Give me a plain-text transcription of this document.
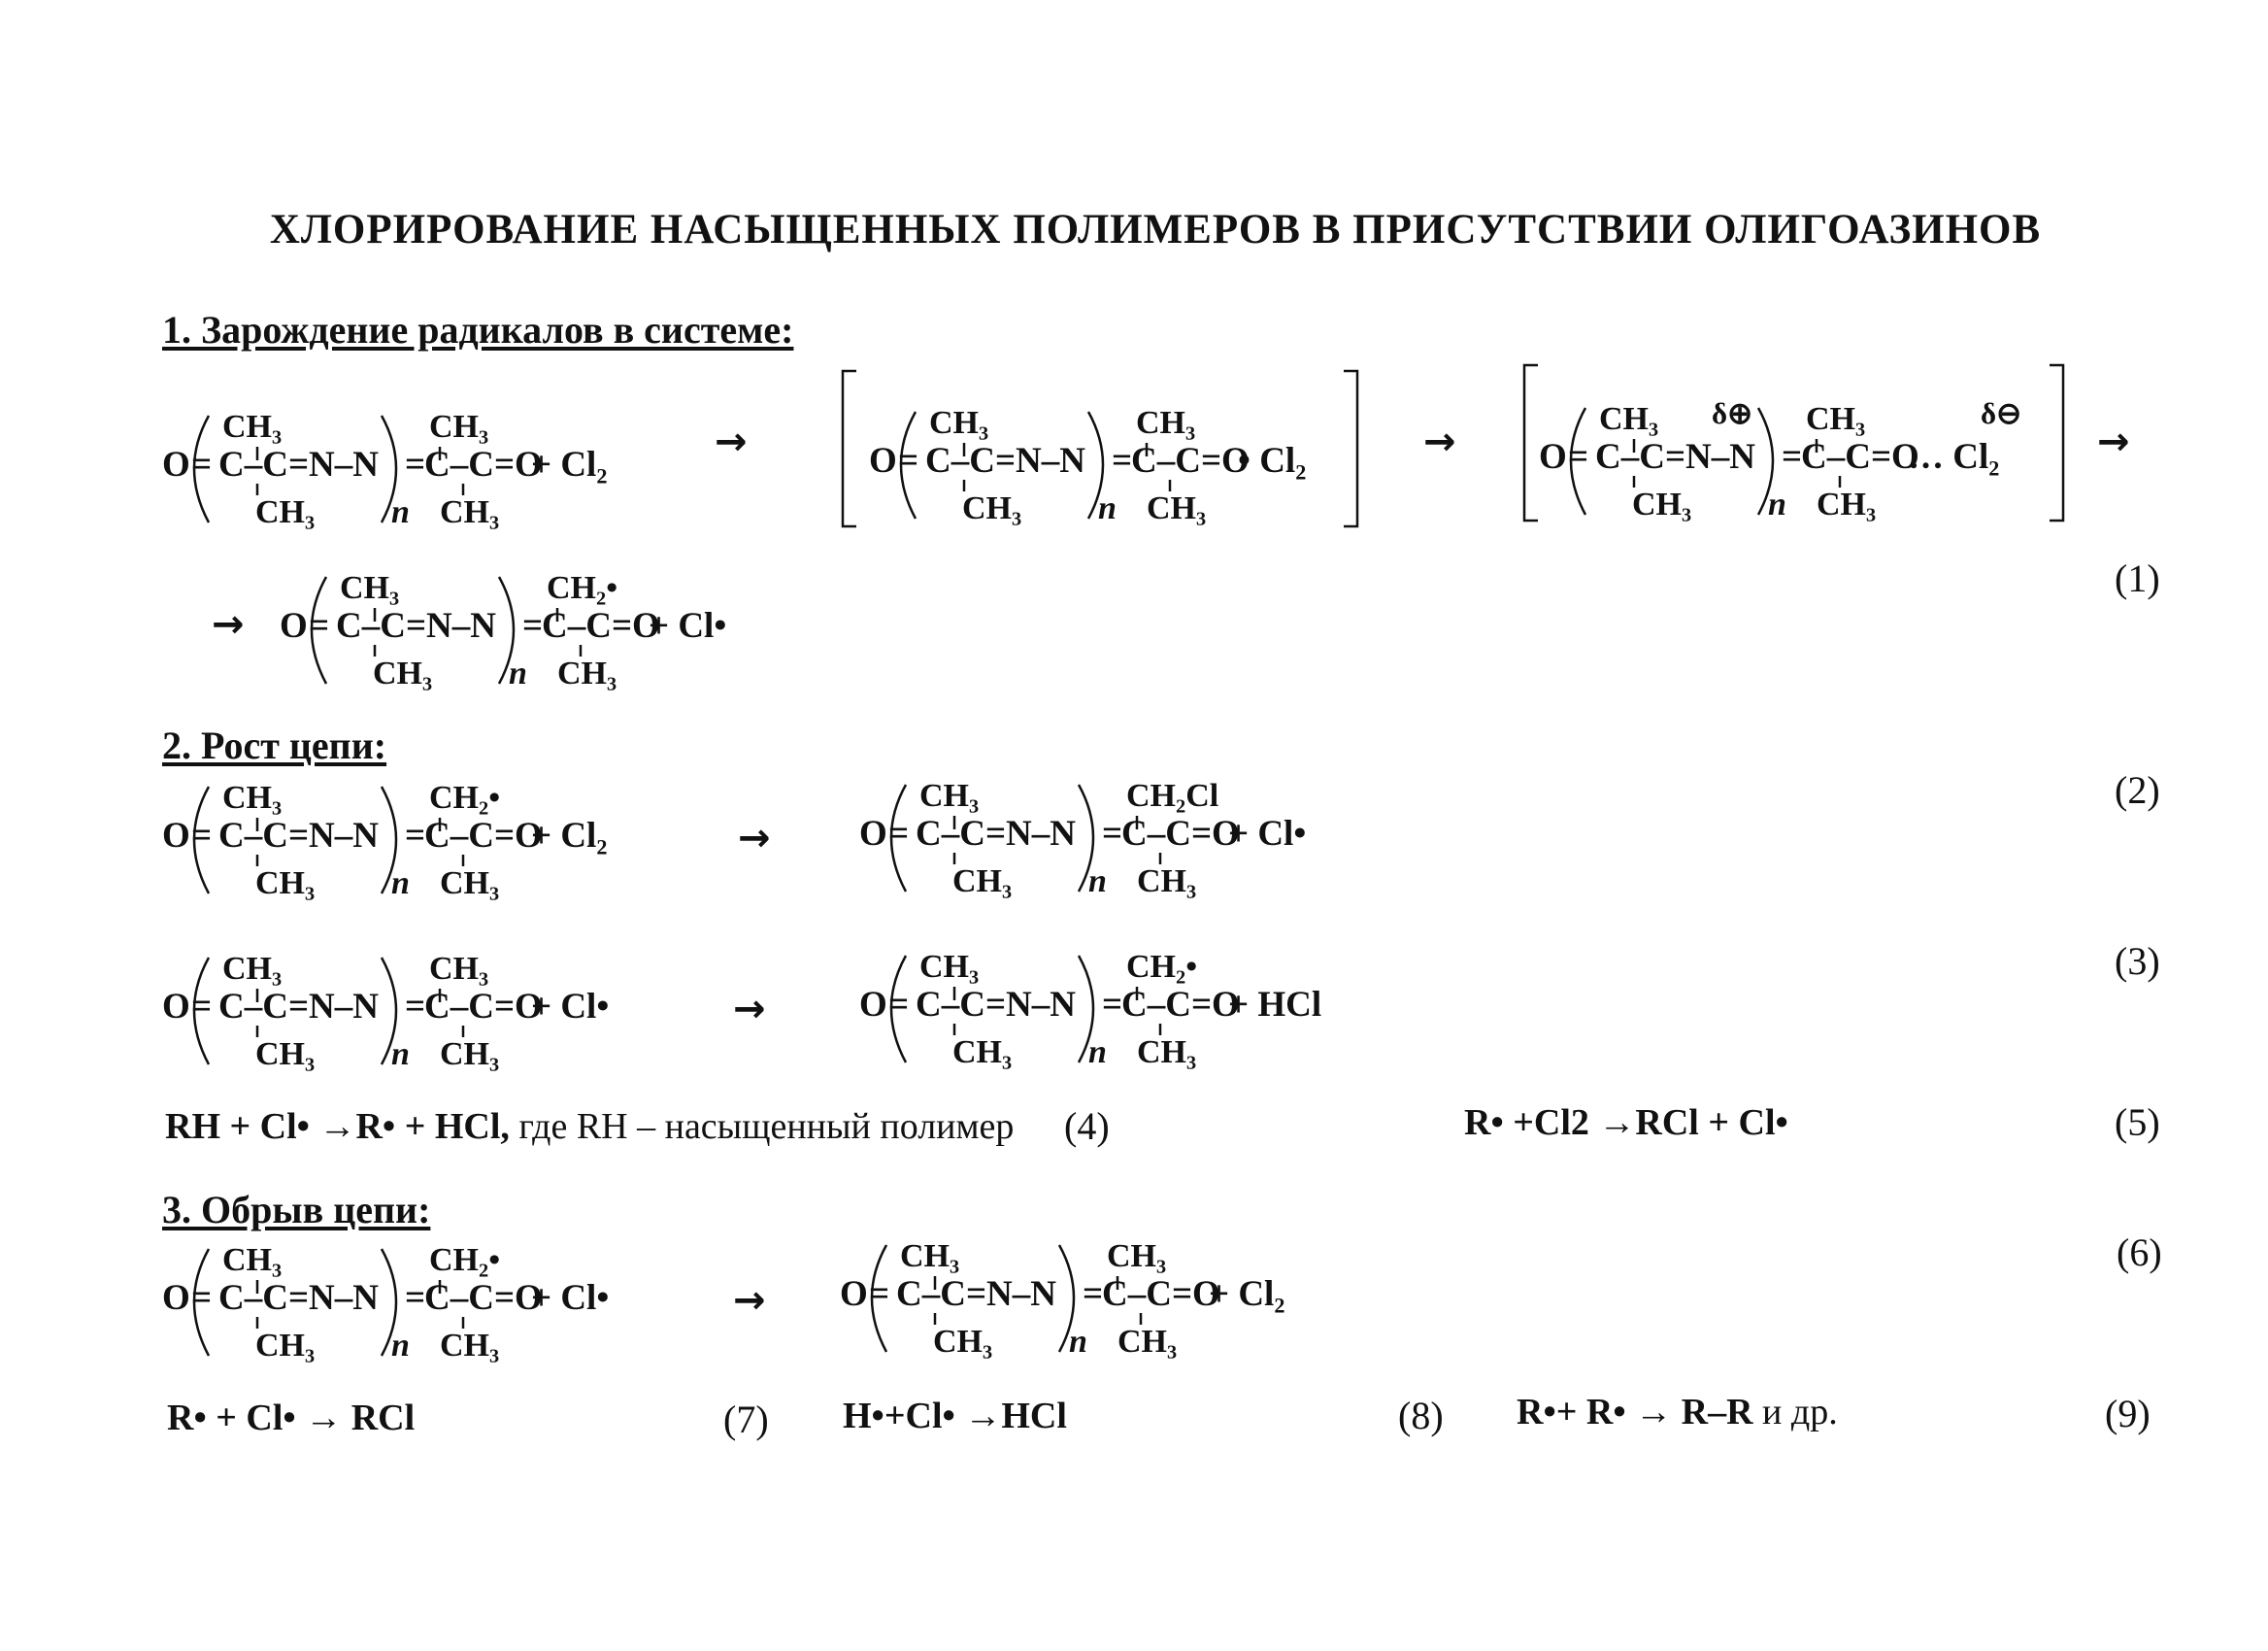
ХЛОРИРОВАНИЕ НАСЫЩЕННЫХ ПОЛИМЕРОВ В ПРИСУТСТВИИ ОЛИГОАЗИНОВ
1. Зарождение радикалов в системе:
2. Рост цепи:
3. Обрыв цепи:
→	→	→
→
→
→
→
(1)
(2)
(3)
(4)	(5)
(6)
(7)	(8)	(9)
RH + Cl• →R• + HCl, где RH – насыщенный полимер	R• +Cl2 →RCl + Cl•
R• + Cl• → RCl	H•+Cl• →HCl	R•+ R• → R–R и др.
O = C–C=N–N
CH₃
CH₃ n
=
C–C=O
CH₃
CH₃
+ Cl₂	O = C–C=N–N
CH₃
CH₃ n
=
C–C=O
CH₃
CH₃
• Cl₂	O = C–C=N–N
CH₃
CH₃ n
=
C–C=O
CH₃
CH₃
δ⊕	δ⊖
… Cl₂
O = C–C=N–N
CH₃
CH₃ n
=
C–C=O
CH₂•
CH₃
+ Cl•
O = C–C=N–N
CH₃
CH₃ n
=
C–C=O
CH₂•
CH₃
+ Cl₂	O = C–C=N–N
CH₃
CH₃ n
=
C–C=O
CH₂Cl
CH₃
+ Cl•
O = C–C=N–N
CH₃
CH₃ n
=
C–C=O
CH₃
CH₃
+ Cl•	O = C–C=N–N
CH₃
CH₃ n
=
C–C=O
CH₂•
CH₃
+ HCl
O = C–C=N–N
CH₃
CH₃ n
=
C–C=O
CH₂•
CH₃
+ Cl•	O = C–C=N–N
CH₃
CH₃ n
=
C–C=O
CH₃
CH₃
+ Cl₂
